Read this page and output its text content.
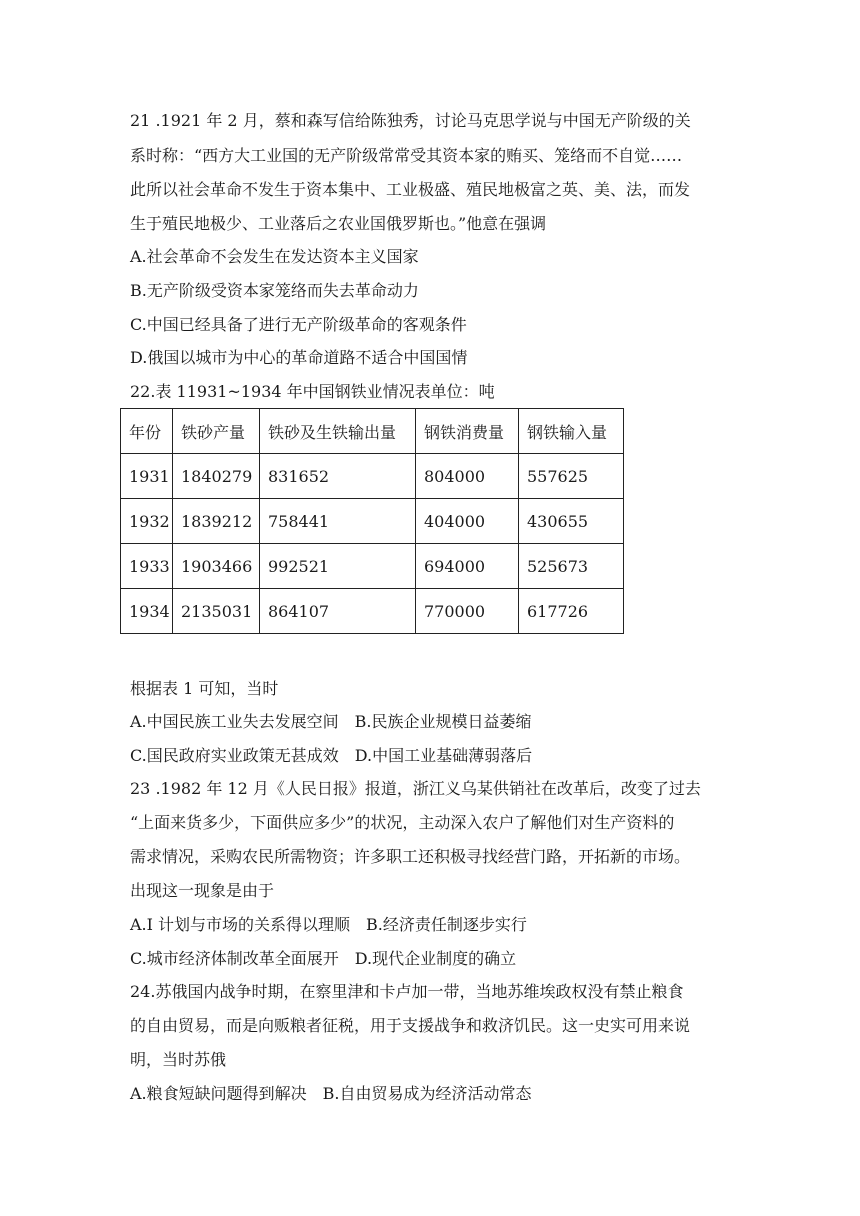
21 .1921 年 2 月，蔡和森写信给陈独秀，讨论马克思学说与中国无产阶级的关
系时称：“西方大工业国的无产阶级常常受其资本家的贿买、笼络而不自觉……
此所以社会革命不发生于资本集中、工业极盛、殖民地极富之英、美、法，而发
生于殖民地极少、工业落后之农业国俄罗斯也。”他意在强调
A.社会革命不会发生在发达资本主义国家
B.无产阶级受资本家笼络而失去革命动力
C.中国已经具备了进行无产阶级革命的客观条件
D.俄国以城市为中心的革命道路不适合中国国情
22.表 11931~1934 年中国钢铁业情况表单位：吨
年份	铁砂产量	铁砂及生铁输出量	钢铁消费量	钢铁输入量
1931	1840279	831652	804000	557625
1932	1839212	758441	404000	430655
1933	1903466	992521	694000	525673
1934	2135031	864107	770000	617726
根据表 1 可知，当时
A.中国民族工业失去发展空间　B.民族企业规模日益萎缩
C.国民政府实业政策无甚成效　D.中国工业基础薄弱落后
23 .1982 年 12 月《人民日报》报道，浙江义乌某供销社在改革后，改变了过去
“上面来货多少，下面供应多少”的状况，主动深入农户了解他们对生产资料的
需求情况，采购农民所需物资；许多职工还积极寻找经营门路，开拓新的市场。
出现这一现象是由于
A.I 计划与市场的关系得以理顺　B.经济责任制逐步实行
C.城市经济体制改革全面展开　D.现代企业制度的确立
24.苏俄国内战争时期，在察里津和卡卢加一带，当地苏维埃政权没有禁止粮食
的自由贸易，而是向贩粮者征税，用于支援战争和救济饥民。这一史实可用来说
明，当时苏俄
A.粮食短缺问题得到解决　B.自由贸易成为经济活动常态
